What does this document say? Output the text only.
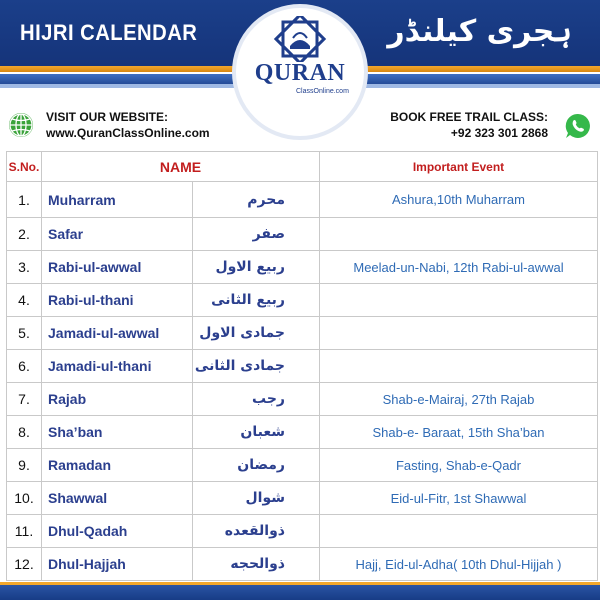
HIJRI CALENDAR	ہجری کیلنڈر
QURAN
ClassOnline.com
VISIT OUR WEBSITE:
www.QuranClassOnline.com
BOOK FREE TRAIL CLASS:
+92 323 301 2868
S.No.	NAME		Important Event
1.	Muharram	محرم	Ashura,10th Muharram
2.	Safar	صفر	
3.	Rabi-ul-awwal	ربيع الاول	Meelad-un-Nabi, 12th Rabi-ul-awwal
4.	Rabi-ul-thani	ربيع الثانى	
5.	Jamadi-ul-awwal	جمادى الاول	
6.	Jamadi-ul-thani	جمادى الثانى	
7.	Rajab	رجب	Shab-e-Mairaj, 27th Rajab
8.	Sha’ban	شعبان	Shab-e- Baraat, 15th Sha’ban
9.	Ramadan	رمضان	Fasting, Shab-e-Qadr
10.	Shawwal	شوال	Eid-ul-Fitr, 1st Shawwal
11.	Dhul-Qadah	ذوالقعده	
12.	Dhul-Hajjah	ذوالحجه	Hajj, Eid-ul-Adha( 10th Dhul-Hijjah )
